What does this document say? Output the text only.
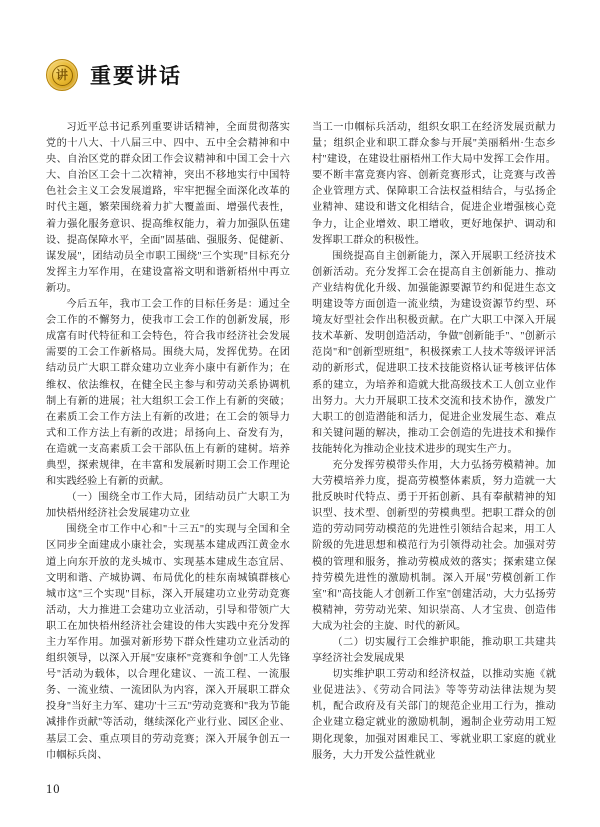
讲 重要讲话

习近平总书记系列重要讲话精神，全面贯彻落实党的十八大、十八届三中、四中、五中全会精神和中央、自治区党的群众团工作会议精神和中国工会十六大、自治区工会十二次精神，突出不移地实行中国特色社会主义工会发展道路，牢牢把握全面深化改革的时代主题，繁荣围绕着力扩大覆盖面、增强代表性，着力强化服务意识、提高维权能力，着力加强队伍建设、提高保障水平，全面"固基础、强服务、促健新、谋发展"，团结动员全市职工围绕"三个实现"目标充分发挥主力军作用，在建设富裕文明和谐新梧州中再立新功。

今后五年，我市工会工作的目标任务是：通过全会工作的不懈努力，使我市工会工作的创新发展，形成富有时代特征和工会特色，符合我市经济社会发展需要的工会工作新格局。围绕大局，发挥优势。在团结动员广大职工群众建功立业奔小康中有新作为；在维权、依法维权，在健全民主参与和劳动关系协调机制上有新的进展；社大组织工会工作上有新的突破；在素质工会工作方法上有新的改进；在工会的领导力式和工作方法上有新的改进；昂扬向上、奋发有为，在造就一支高素质工会干部队伍上有新的建树。培养典型，探索规律，在丰富和发展新时期工会工作理论和实践经验上有新的贡献。

（一）围绕全市工作大局，团结动员广大职工为加快梧州经济社会发展建功立业

围绕全市工作中心和"十三五"的实现与全国和全区同步全面建成小康社会，实现基本建成西江黄金水道上向东开放的龙头城市、实现基本建成生态宜居、文明和谐、产城协调、布局优化的桂东南城镇群核心城市这"三个实现"目标，深入开展建功立业劳动竞赛活动，大力推进工会建功立业活动，引导和带领广大职工在加快梧州经济社会建设的伟大实践中充分发挥主力军作用。加强对新形势下群众性建功立业活动的组织领导，以深入开展"安康杯"竞赛和争创"工人先锋号"活动为载体，以合理化建议、一流工程、一流服务、一流业绩、一流团队为内容，深入开展职工群众投身"当好主力军、建功'十三五''劳动竞赛和"我为节能减排作贡献"等活动，继续深化产业行业、园区企业、基层工会、重点项目的劳动竞赛；深入开展争创五一巾帼标兵岗、

当工一巾帼标兵活动，组织女职工在经济发展贡献力量；组织企业和职工群众参与开展"美丽稻州·生态乡村"建设，在建设壮丽梧州工作大局中发挥工会作用。要不断丰富竞赛内容、创新竞赛形式，让竞赛与改善企业管理方式、保障职工合法权益相结合，与弘扬企业精神、建设和谐文化相结合，促进企业增强核心竞争力，让企业增效、职工增收，更好地保护、调动和发挥职工群众的积极性。

围绕提高自主创新能力，深入开展职工经济技术创新活动。充分发挥工会在提高自主创新能力、推动产业结构优化升级、加强能源要源节约和促进生态文明建设等方面创造一流业绩，为建设资源节约型、环境友好型社会作出积极贡献。在广大职工中深入开展技术革新、发明创造活动，争做"创新能手"、"创新示范岗"和"创新型班组"，积极探索工人技术等级评评活动的新形式，促进职工技术技能资格认证考核评估体系的建立，为培养和造就大批高级技术工人创立业作出努力。大力开展职工技术交流和技术协作，激发广大职工的创造潜能和活力，促进企业发展生态、难点和关键问题的解决，推动工会创造的先进技术和操作技能转化为推动企业技术进步的现实生产力。

充分发挥劳模带头作用，大力弘扬劳模精神。加大劳模培养力度，提高劳模整体素质，努力造就一大批反映时代特点、勇于开拓创新、具有奉献精神的知识型、技术型、创新型的劳模典型。把职工群众的创造的劳动同劳动模范的先进性引领结合起来，用工人阶级的先进思想和模范行为引领得动社会。加强对劳模的管理和服务，推动劳模成效的落实；探索建立保持劳模先进性的激励机制。深入开展"劳模创新工作室"和"高技能人才创新工作室"创建活动，大力弘扬劳模精神，劳劳动光荣、知识崇高、人才宝贵、创造伟大成为社会的主旋、时代的新风。

（二）切实履行工会维护职能，推动职工共建共享经济社会发展成果

切实维护职工劳动和经济权益，以推动实施《就业促进法》、《劳动合同法》等等劳动法律法规为契机，配合政府及有关部门的规范企业用工行为，推动企业建立稳定就业的激励机制，遏制企业劳动用工短期化现象，加强对困难民工、零就业职工家庭的就业服务，大力开发公益性就业

10
